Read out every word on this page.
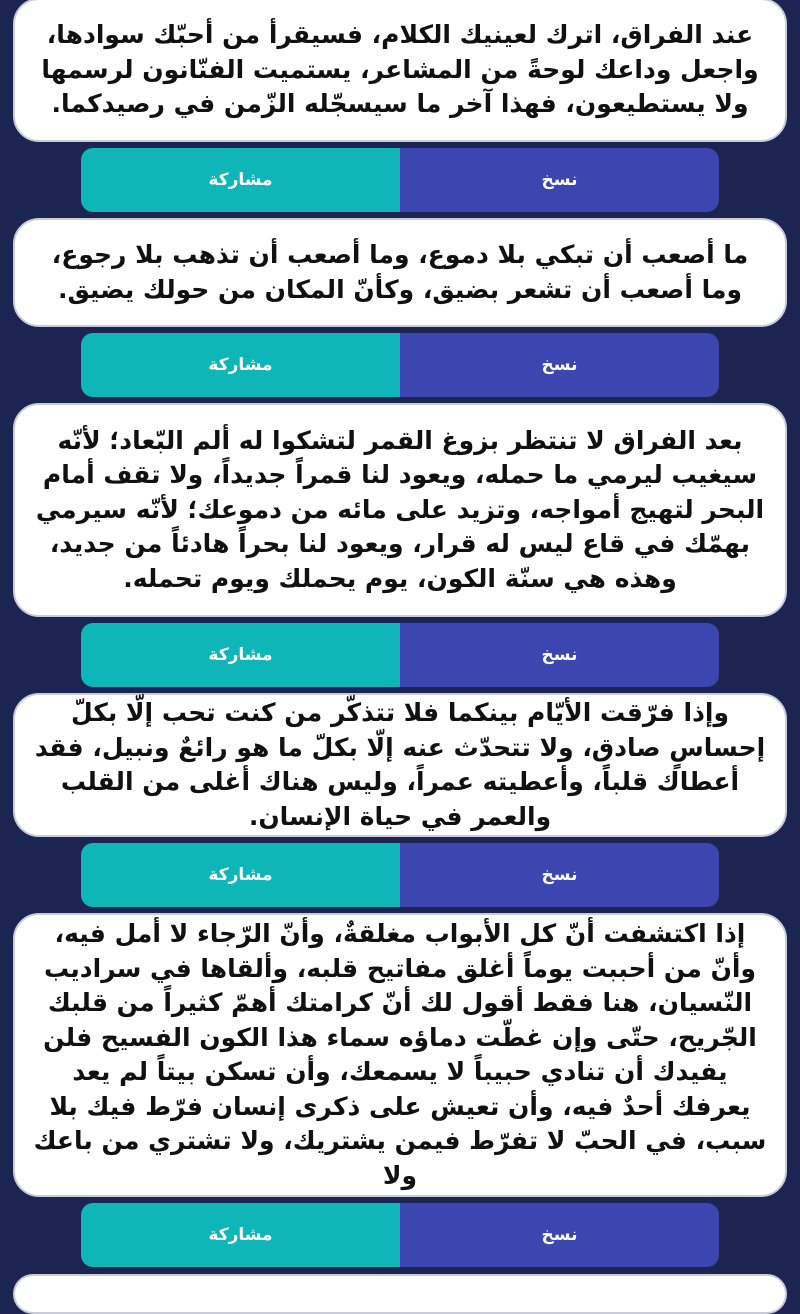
عند الفراق، اترك لعينيك الكلام، فسيقرأ من أحبّك سوادها، واجعل وداعك لوحةً من المشاعر، يستميت الفنّانون لرسمها ولا يستطيعون، فهذا آخر ما سيسجّله الزّمن في رصيدكما.

مشاركة	نسخ

ما أصعب أن تبكي بلا دموع، وما أصعب أن تذهب بلا رجوع، وما أصعب أن تشعر بضيق، وكأنّ المكان من حولك يضيق.

مشاركة	نسخ

بعد الفراق لا تنتظر بزوغ القمر لتشكوا له ألم البّعاد؛ لأنّه سيغيب ليرمي ما حمله، ويعود لنا قمراً جديداً، ولا تقف أمام البحر لتهيج أمواجه، وتزيد على مائه من دموعك؛ لأنّه سيرمي بهمّك في قاع ليس له قرار، ويعود لنا بحراً هادئاً من جديد، وهذه هي سنّة الكون، يوم يحملك ويوم تحمله.

مشاركة	نسخ

وإذا فرّقت الأيّام بينكما فلا تتذكّر من كنت تحب إلّا بكلّ إحساسٍ صادق، ولا تتحدّث عنه إلّا بكلّ ما هو رائعٌ ونبيل، فقد أعطاك قلباً، وأعطيته عمراً، وليس هناك أغلى من القلب والعمر في حياة الإنسان.

مشاركة	نسخ

إذا اكتشفت أنّ كل الأبواب مغلقةٌ، وأنّ الرّجاء لا أمل فيه، وأنّ من أحببت يوماً أغلق مفاتيح قلبه، وألقاها في سراديب النّسيان، هنا فقط أقول لك أنّ كرامتك أهمّ كثيراً من قلبك الجّريح، حتّى وإن غطّت دماؤه سماء هذا الكون الفسيح فلن يفيدك أن تنادي حبيباً لا يسمعك، وأن تسكن بيتاً لم يعد يعرفك أحدٌ فيه، وأن تعيش على ذكرى إنسان فرّط فيك بلا سبب، في الحبّ لا تفرّط فيمن يشتريك، ولا تشتري من باعك ولا

مشاركة	نسخ
